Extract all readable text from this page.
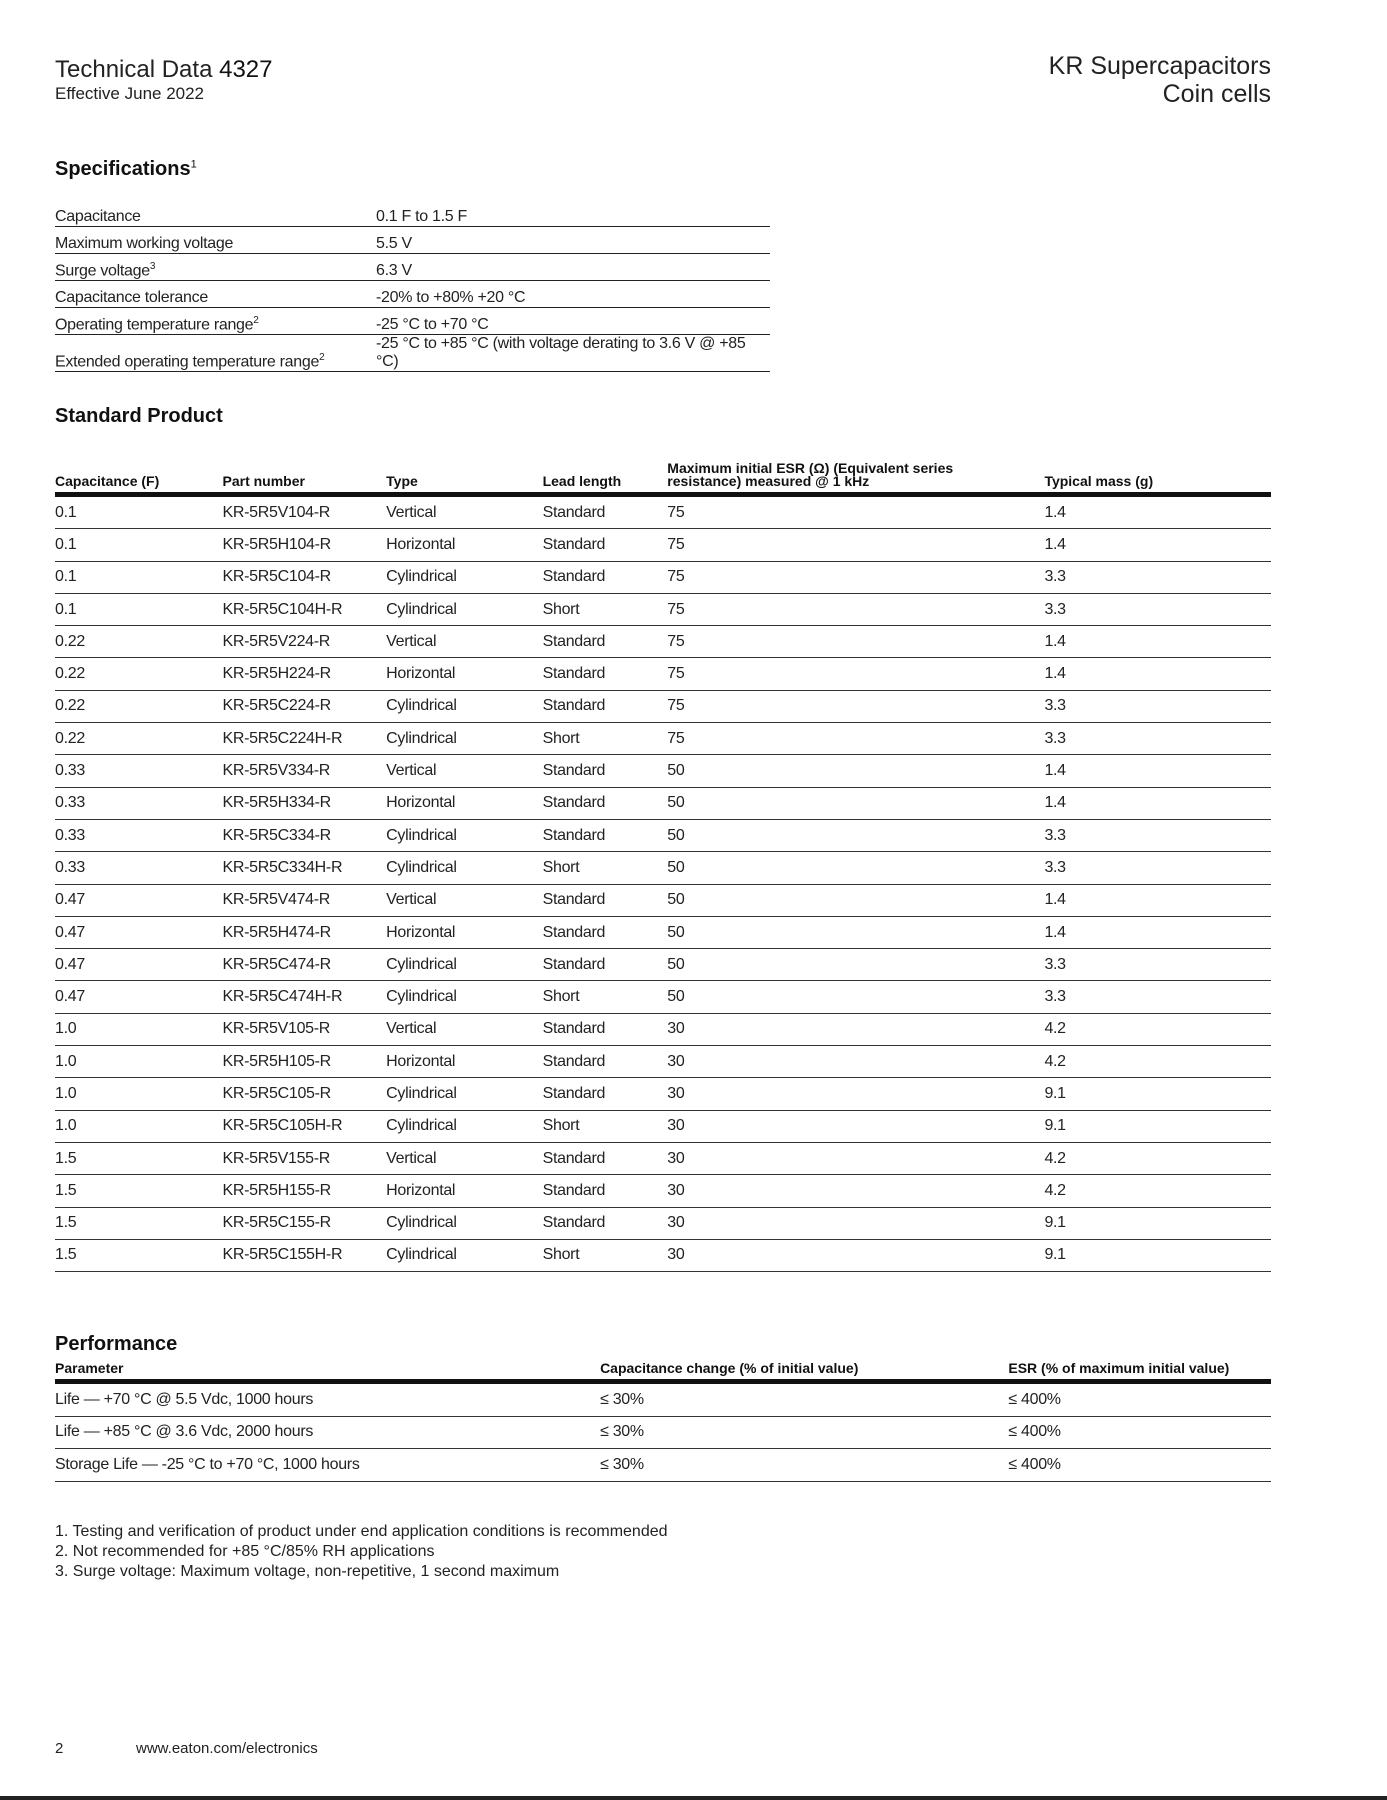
Technical Data 4327
Effective June 2022
KR Supercapacitors
Coin cells
Specifications$^1$
Capacitance	0.1 F to 1.5 F
Maximum working voltage	5.5 V
Surge voltage$^3$	6.3 V
Capacitance tolerance	-20% to +80% +20 °C
Operating temperature range$^2$	-25 °C to +70 °C
Extended operating temperature range$^2$	-25 °C to +85 °C (with voltage derating to 3.6 V @ +85 °C)
Standard Product
Capacitance (F)	Part number	Type	Lead length	Maximum initial ESR (Ω) (Equivalent series resistance) measured @ 1 kHz	Typical mass (g)
0.1	KR-5R5V104-R	Vertical	Standard	75	1.4
0.1	KR-5R5H104-R	Horizontal	Standard	75	1.4
0.1	KR-5R5C104-R	Cylindrical	Standard	75	3.3
0.1	KR-5R5C104H-R	Cylindrical	Short	75	3.3
0.22	KR-5R5V224-R	Vertical	Standard	75	1.4
0.22	KR-5R5H224-R	Horizontal	Standard	75	1.4
0.22	KR-5R5C224-R	Cylindrical	Standard	75	3.3
0.22	KR-5R5C224H-R	Cylindrical	Short	75	3.3
0.33	KR-5R5V334-R	Vertical	Standard	50	1.4
0.33	KR-5R5H334-R	Horizontal	Standard	50	1.4
0.33	KR-5R5C334-R	Cylindrical	Standard	50	3.3
0.33	KR-5R5C334H-R	Cylindrical	Short	50	3.3
0.47	KR-5R5V474-R	Vertical	Standard	50	1.4
0.47	KR-5R5H474-R	Horizontal	Standard	50	1.4
0.47	KR-5R5C474-R	Cylindrical	Standard	50	3.3
0.47	KR-5R5C474H-R	Cylindrical	Short	50	3.3
1.0	KR-5R5V105-R	Vertical	Standard	30	4.2
1.0	KR-5R5H105-R	Horizontal	Standard	30	4.2
1.0	KR-5R5C105-R	Cylindrical	Standard	30	9.1
1.0	KR-5R5C105H-R	Cylindrical	Short	30	9.1
1.5	KR-5R5V155-R	Vertical	Standard	30	4.2
1.5	KR-5R5H155-R	Horizontal	Standard	30	4.2
1.5	KR-5R5C155-R	Cylindrical	Standard	30	9.1
1.5	KR-5R5C155H-R	Cylindrical	Short	30	9.1
Performance
Parameter	Capacitance change (% of initial value)	ESR (% of maximum initial value)
Life — +70 °C @ 5.5 Vdc, 1000 hours	≤ 30%	≤ 400%
Life — +85 °C @ 3.6 Vdc, 2000 hours	≤ 30%	≤ 400%
Storage Life — -25 °C to +70 °C, 1000 hours	≤ 30%	≤ 400%
1. Testing and verification of product under end application conditions is recommended
2. Not recommended for +85 °C/85% RH applications
3. Surge voltage: Maximum voltage, non-repetitive, 1 second maximum
2	www.eaton.com/electronics
